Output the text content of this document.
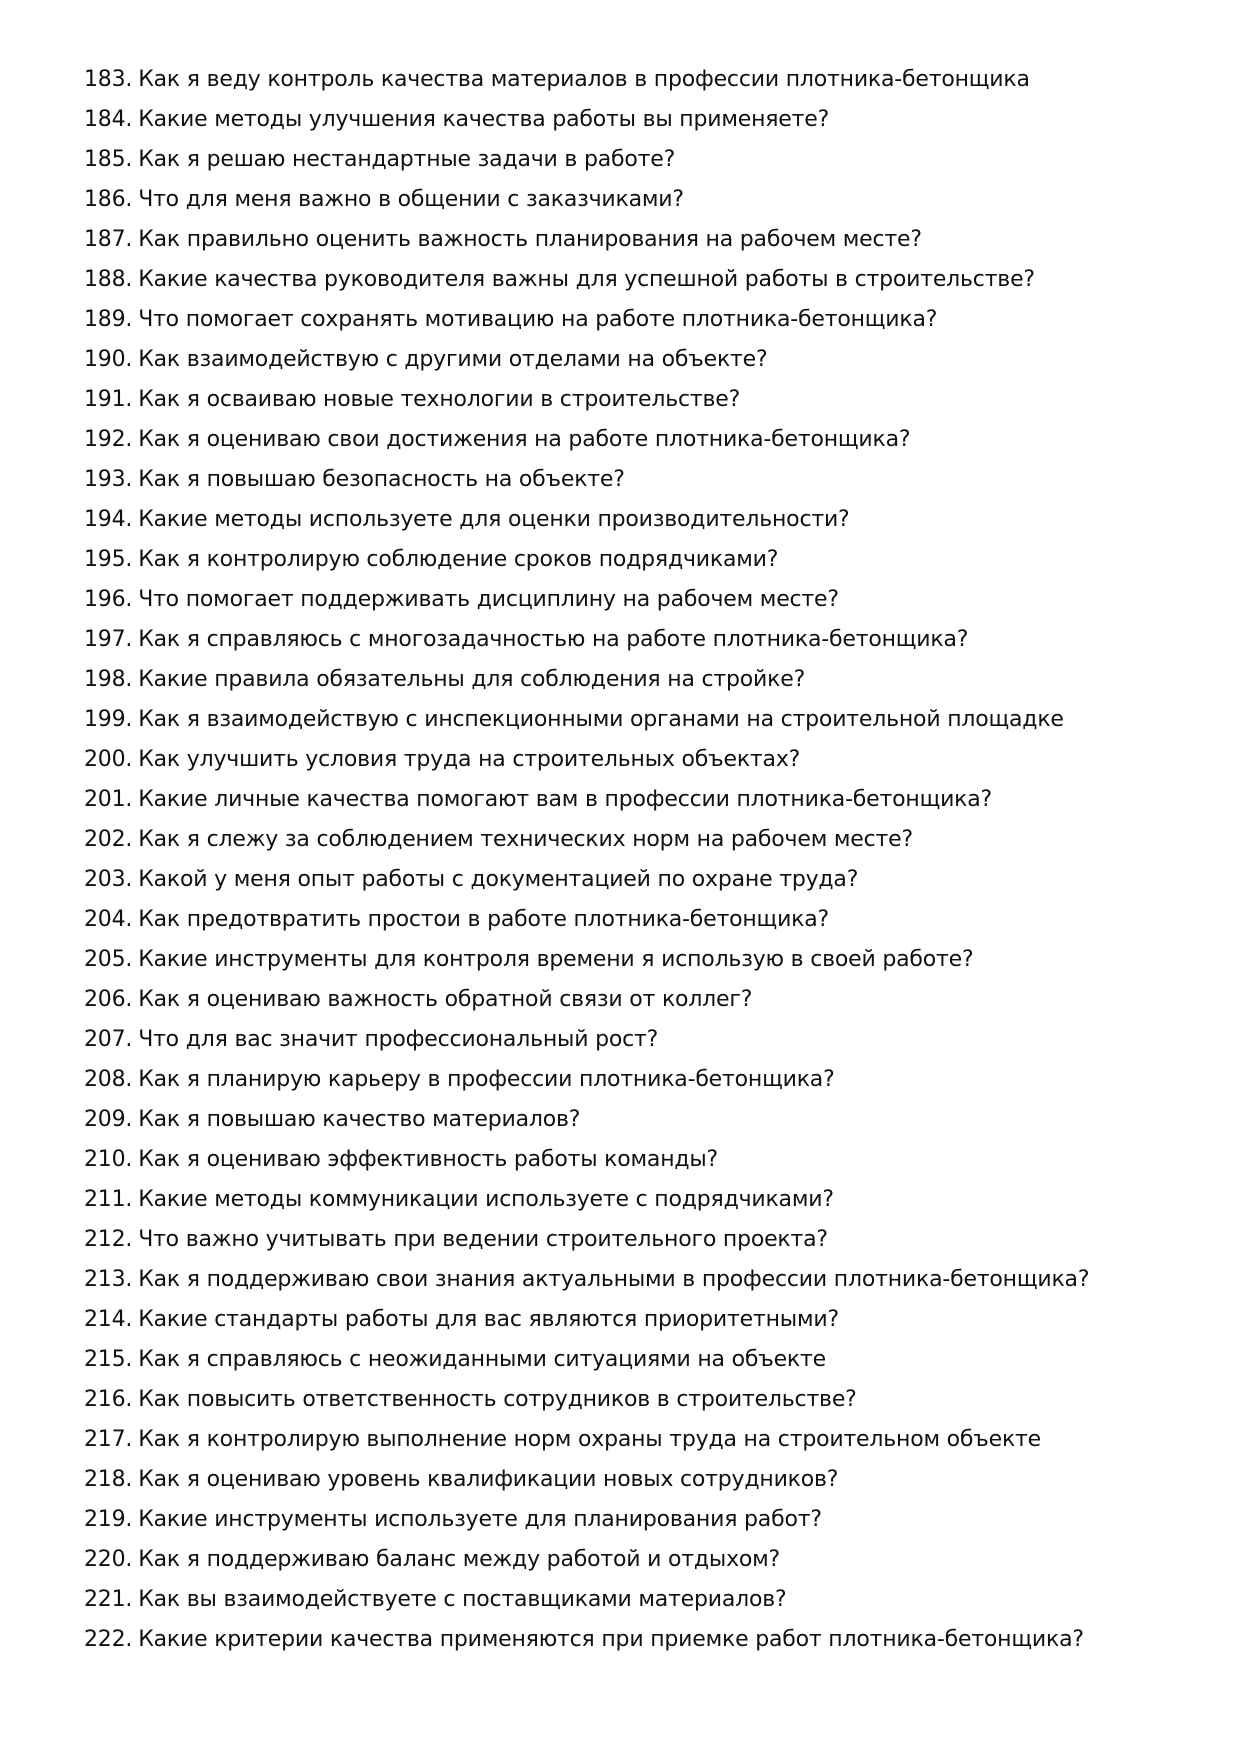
183. Как я веду контроль качества материалов в профессии плотника-бетонщика
184. Какие методы улучшения качества работы вы применяете?
185. Как я решаю нестандартные задачи в работе?
186. Что для меня важно в общении с заказчиками?
187. Как правильно оценить важность планирования на рабочем месте?
188. Какие качества руководителя важны для успешной работы в строительстве?
189. Что помогает сохранять мотивацию на работе плотника-бетонщика?
190. Как взаимодействую с другими отделами на объекте?
191. Как я осваиваю новые технологии в строительстве?
192. Как я оцениваю свои достижения на работе плотника-бетонщика?
193. Как я повышаю безопасность на объекте?
194. Какие методы используете для оценки производительности?
195. Как я контролирую соблюдение сроков подрядчиками?
196. Что помогает поддерживать дисциплину на рабочем месте?
197. Как я справляюсь с многозадачностью на работе плотника-бетонщика?
198. Какие правила обязательны для соблюдения на стройке?
199. Как я взаимодействую с инспекционными органами на строительной площадке
200. Как улучшить условия труда на строительных объектах?
201. Какие личные качества помогают вам в профессии плотника-бетонщика?
202. Как я слежу за соблюдением технических норм на рабочем месте?
203. Какой у меня опыт работы с документацией по охране труда?
204. Как предотвратить простои в работе плотника-бетонщика?
205. Какие инструменты для контроля времени я использую в своей работе?
206. Как я оцениваю важность обратной связи от коллег?
207. Что для вас значит профессиональный рост?
208. Как я планирую карьеру в профессии плотника-бетонщика?
209. Как я повышаю качество материалов?
210. Как я оцениваю эффективность работы команды?
211. Какие методы коммуникации используете с подрядчиками?
212. Что важно учитывать при ведении строительного проекта?
213. Как я поддерживаю свои знания актуальными в профессии плотника-бетонщика?
214. Какие стандарты работы для вас являются приоритетными?
215. Как я справляюсь с неожиданными ситуациями на объекте
216. Как повысить ответственность сотрудников в строительстве?
217. Как я контролирую выполнение норм охраны труда на строительном объекте
218. Как я оцениваю уровень квалификации новых сотрудников?
219. Какие инструменты используете для планирования работ?
220. Как я поддерживаю баланс между работой и отдыхом?
221. Как вы взаимодействуете с поставщиками материалов?
222. Какие критерии качества применяются при приемке работ плотника-бетонщика?
